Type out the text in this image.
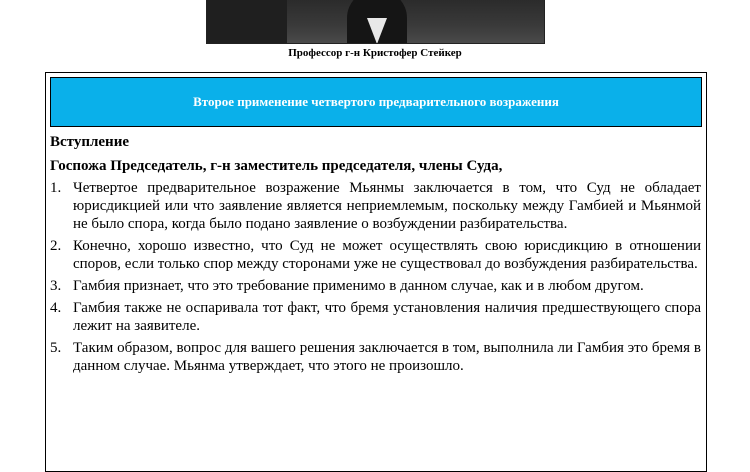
Профессор г-н Кристофер Стейкер
Второе применение четвертого предварительного возражения
Вступление
Госпожа Председатель, г-н заместитель председателя, члены Суда,
1. Четвертое предварительное возражение Мьянмы заключается в том, что Суд не обладает юрисдикцией или что заявление является неприемлемым, поскольку между Гамбией и Мьянмой не было спора, когда было подано заявление о возбуждении разбирательства.
2. Конечно, хорошо известно, что Суд не может осуществлять свою юрисдикцию в отношении споров, если только спор между сторонами уже не существовал до возбуждения разбирательства.
3. Гамбия признает, что это требование применимо в данном случае, как и в любом другом.
4. Гамбия также не оспаривала тот факт, что бремя установления наличия предшествующего спора лежит на заявителе.
5. Таким образом, вопрос для вашего решения заключается в том, выполнила ли Гамбия это бремя в данном случае. Мьянма утверждает, что этого не произошло.
